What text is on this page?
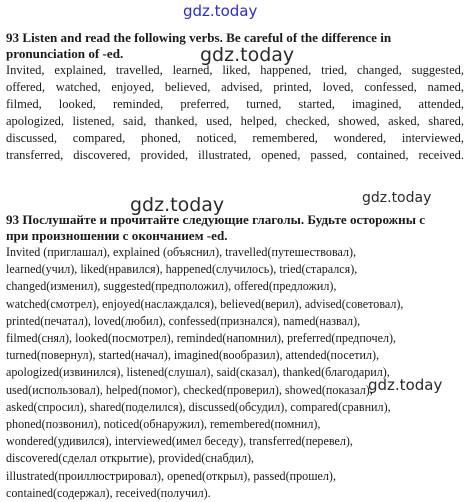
gdz.today
gdz.today
gdz.today
gdz.today
gdz.today

93 Listen and read the following verbs. Be careful of the difference in

pronunciation of -ed.

Invited, explained, travelled, learned, liked, happened, tried, changed, suggested,

offered, watched, enjoyed, believed, advised, printed, loved, confessed, named,

filmed, looked, reminded, preferred, turned, started, imagined, attended,

apologized, listened, said, thanked, used, helped, checked, showed, asked, shared,

discussed, compared, phoned, noticed, remembered, wondered, interviewed,

transferred, discovered, provided, illustrated, opened, passed, contained, received.

93 Послушайте и прочитайте следующие глаголы. Будьте осторожны с

при произношении с окончанием -ed.

Invited (приглашал), explained (объяснил), travelled(путешествовал),

learned(учил), liked(нравился), happened(случилось), tried(старался),

changed(изменил), suggested(предположил), offered(предложил),

watched(смотрел), enjoyed(наслаждался), believed(верил), advised(советовал),

printed(печатал), loved(любил), confessed(признался), named(назвал),

filmed(снял), looked(посмотрел), reminded(напомнил), preferred(предпочел),

turned(повернул), started(начал), imagined(вообразил), attended(посетил),

apologized(извинился), listened(слушал), said(сказал), thanked(благодарил),

used(использовал), helped(помог), checked(проверил), showed(показал),

asked(спросил), shared(поделился), discussed(обсудил), compared(сравнил),

phoned(позвонил), noticed(обнаружил), remembered(помнил),

wondered(удивился), interviewed(имел беседу), transferred(перевел),

discovered(сделал открытие), provided(снабдил),

illustrated(проиллюстрировал), opened(открыл), passed(прошел),

contained(содержал), received(получил).
